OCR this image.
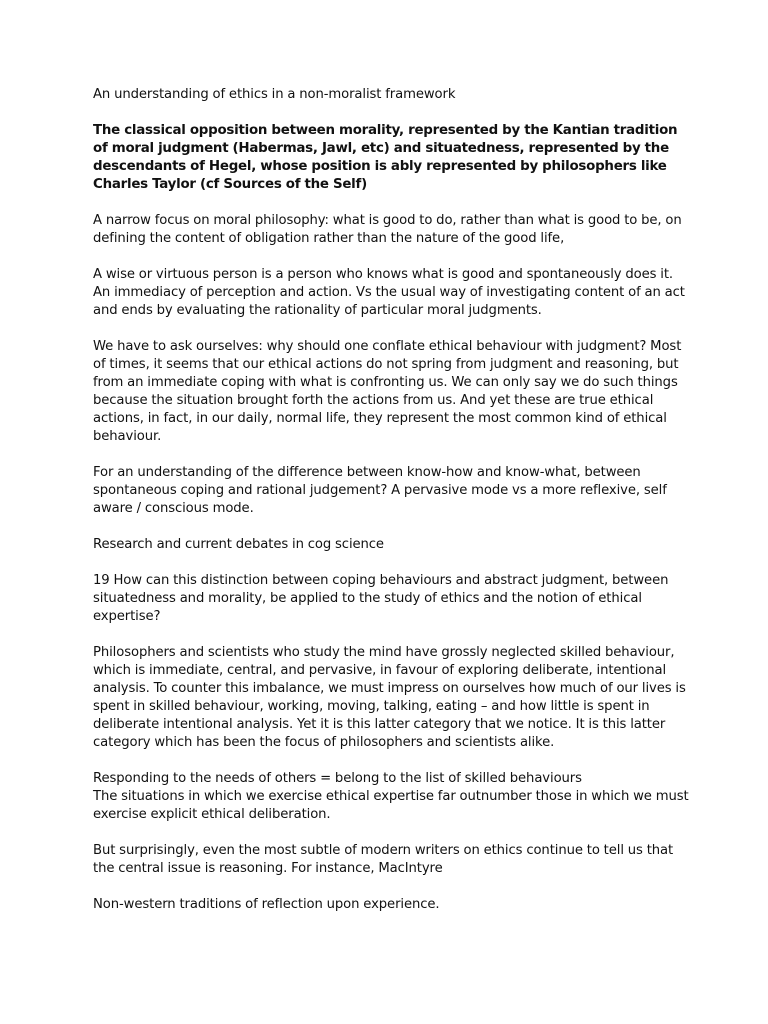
An understanding of ethics in a non-moralist framework

The classical opposition between morality, represented by the Kantian tradition of moral judgment (Habermas, Jawl, etc) and situatedness, represented by the descendants of Hegel, whose position is ably represented by philosophers like Charles Taylor (cf Sources of the Self)

A narrow focus on moral philosophy: what is good to do, rather than what is good to be, on defining the content of obligation rather than the nature of the good life,

A wise or virtuous person is a person who knows what is good and spontaneously does it. An immediacy of perception and action. Vs the usual way of investigating content of an act and ends by evaluating the rationality of particular moral judgments.

We have to ask ourselves: why should one conflate ethical behaviour with judgment? Most of times, it seems that our ethical actions do not spring from judgment and reasoning, but from an immediate coping with what is confronting us. We can only say we do such things because the situation brought forth the actions from us. And yet these are true ethical actions, in fact, in our daily, normal life, they represent the most common kind of ethical behaviour.

For an understanding of the difference between know-how and know-what, between spontaneous coping and rational judgement? A pervasive mode vs a more reflexive, self aware / conscious mode.

Research and current debates in cog science

19 How can this distinction between coping behaviours and abstract judgment, between situatedness and morality, be applied to the study of ethics and the notion of ethical expertise?

Philosophers and scientists who study the mind have grossly neglected skilled behaviour, which is immediate, central, and pervasive, in favour of exploring deliberate, intentional analysis. To counter this imbalance, we must impress on ourselves how much of our lives is spent in skilled behaviour, working, moving, talking, eating – and how little is spent in deliberate intentional analysis. Yet it is this latter category that we notice. It is this latter category which has been the focus of philosophers and scientists alike.

Responding to the needs of others = belong to the list of skilled behaviours

The situations in which we exercise ethical expertise far outnumber those in which we must exercise explicit ethical deliberation.

But surprisingly, even the most subtle of modern writers on ethics continue to tell us that the central issue is reasoning. For instance, MacIntyre

Non-western traditions of reflection upon experience.
